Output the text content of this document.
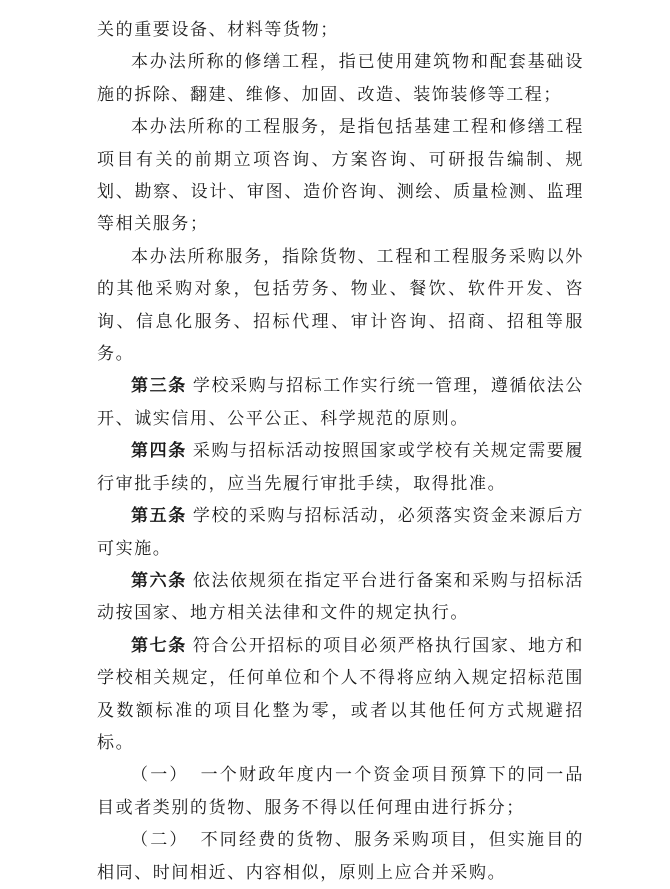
关的重要设备、材料等货物；

本办法所称的修缮工程，指已使用建筑物和配套基础设施的拆除、翻建、维修、加固、改造、装饰装修等工程；

本办法所称的工程服务，是指包括基建工程和修缮工程项目有关的前期立项咨询、方案咨询、可研报告编制、规划、勘察、设计、审图、造价咨询、测绘、质量检测、监理等相关服务；

本办法所称服务，指除货物、工程和工程服务采购以外的其他采购对象，包括劳务、物业、餐饮、软件开发、咨询、信息化服务、招标代理、审计咨询、招商、招租等服务。

第三条 学校采购与招标工作实行统一管理，遵循依法公开、诚实信用、公平公正、科学规范的原则。

第四条 采购与招标活动按照国家或学校有关规定需要履行审批手续的，应当先履行审批手续，取得批准。

第五条 学校的采购与招标活动，必须落实资金来源后方可实施。

第六条 依法依规须在指定平台进行备案和采购与招标活动按国家、地方相关法律和文件的规定执行。

第七条 符合公开招标的项目必须严格执行国家、地方和学校相关规定，任何单位和个人不得将应纳入规定招标范围及数额标准的项目化整为零，或者以其他任何方式规避招标。

（一） 一个财政年度内一个资金项目预算下的同一品目或者类别的货物、服务不得以任何理由进行拆分；

（二） 不同经费的货物、服务采购项目，但实施目的相同、时间相近、内容相似，原则上应合并采购。
